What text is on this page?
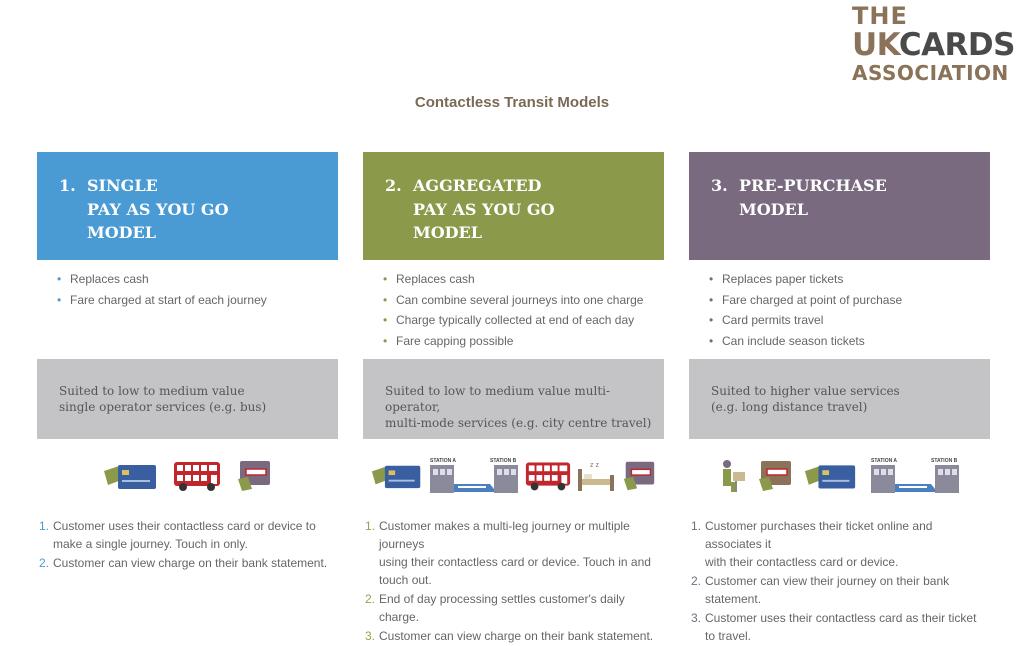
THE
UKCARDS
ASSOCIATION
Contactless Transit Models
1. SINGLE
PAY AS YOU GO
MODEL
• Replaces cash
• Fare charged at start of each journey
Suited to low to medium value
single operator services (e.g. bus)
1. Customer uses their contactless card or device to
make a single journey. Touch in only.
2. Customer can view charge on their bank statement.
2. AGGREGATED
PAY AS YOU GO
MODEL
• Replaces cash
• Can combine several journeys into one charge
• Charge typically collected at end of each day
• Fare capping possible
Suited to low to medium value multi-operator,
multi-mode services (e.g. city centre travel)
STATION A	STATION B
z z
1. Customer makes a multi-leg journey or multiple journeys
using their contactless card or device. Touch in and
touch out.
2. End of day processing settles customer's daily charge.
3. Customer can view charge on their bank statement.
3. PRE-PURCHASE
MODEL
• Replaces paper tickets
• Fare charged at point of purchase
• Card permits travel
• Can include season tickets
Suited to higher value services
(e.g. long distance travel)
STATION A	STATION B
1. Customer purchases their ticket online and associates it
with their contactless card or device.
2. Customer can view their journey on their bank statement.
3. Customer uses their contactless card as their ticket
to travel.
